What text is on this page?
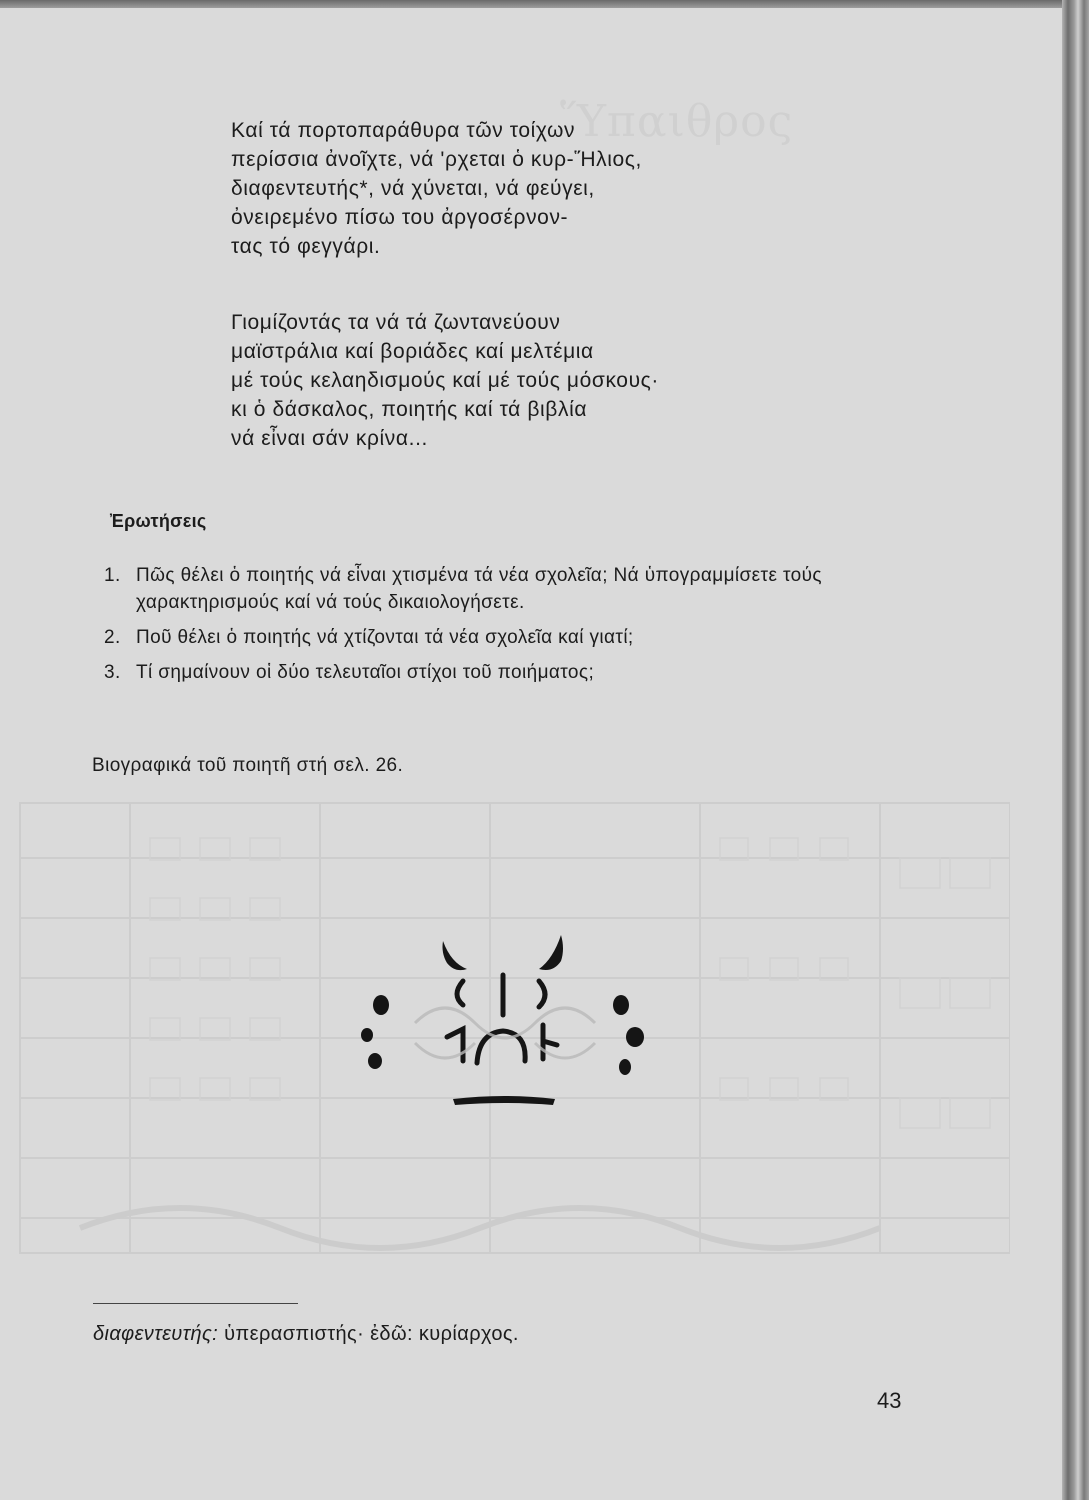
Ὕπαιθρος
Καί τά πορτοπαράθυρα τῶν τοίχων
περίσσια ἀνοῖχτε, νά 'ρχεται ὁ κυρ-Ἥλιος,
διαφεντευτής*, νά χύνεται, νά φεύγει,
ὀνειρεμένο πίσω του ἀργοσέρνον-
τας τό φεγγάρι.
Γιομίζοντάς τα νά τά ζωντανεύουν
μαϊστράλια καί βοριάδες καί μελτέμια
μέ τούς κελαηδισμούς καί μέ τούς μόσκους·
κι ὁ δάσκαλος, ποιητής καί τά βιβλία
νά εἶναι σάν κρίνα...
Ἐρωτήσεις
1. Πῶς θέλει ὁ ποιητής νά εἶναι χτισμένα τά νέα σχολεῖα; Νά ὑπογραμμίσετε τούς χαρακτηρισμούς καί νά τούς δικαιολογήσετε.
2. Ποῦ θέλει ὁ ποιητής νά χτίζονται τά νέα σχολεῖα καί γιατί;
3. Τί σημαίνουν οἱ δύο τελευταῖοι στίχοι τοῦ ποιήματος;
Βιογραφικά τοῦ ποιητῆ στή σελ. 26.
διαφεντευτής: ὑπερασπιστής· ἐδῶ: κυρίαρχος.
43
